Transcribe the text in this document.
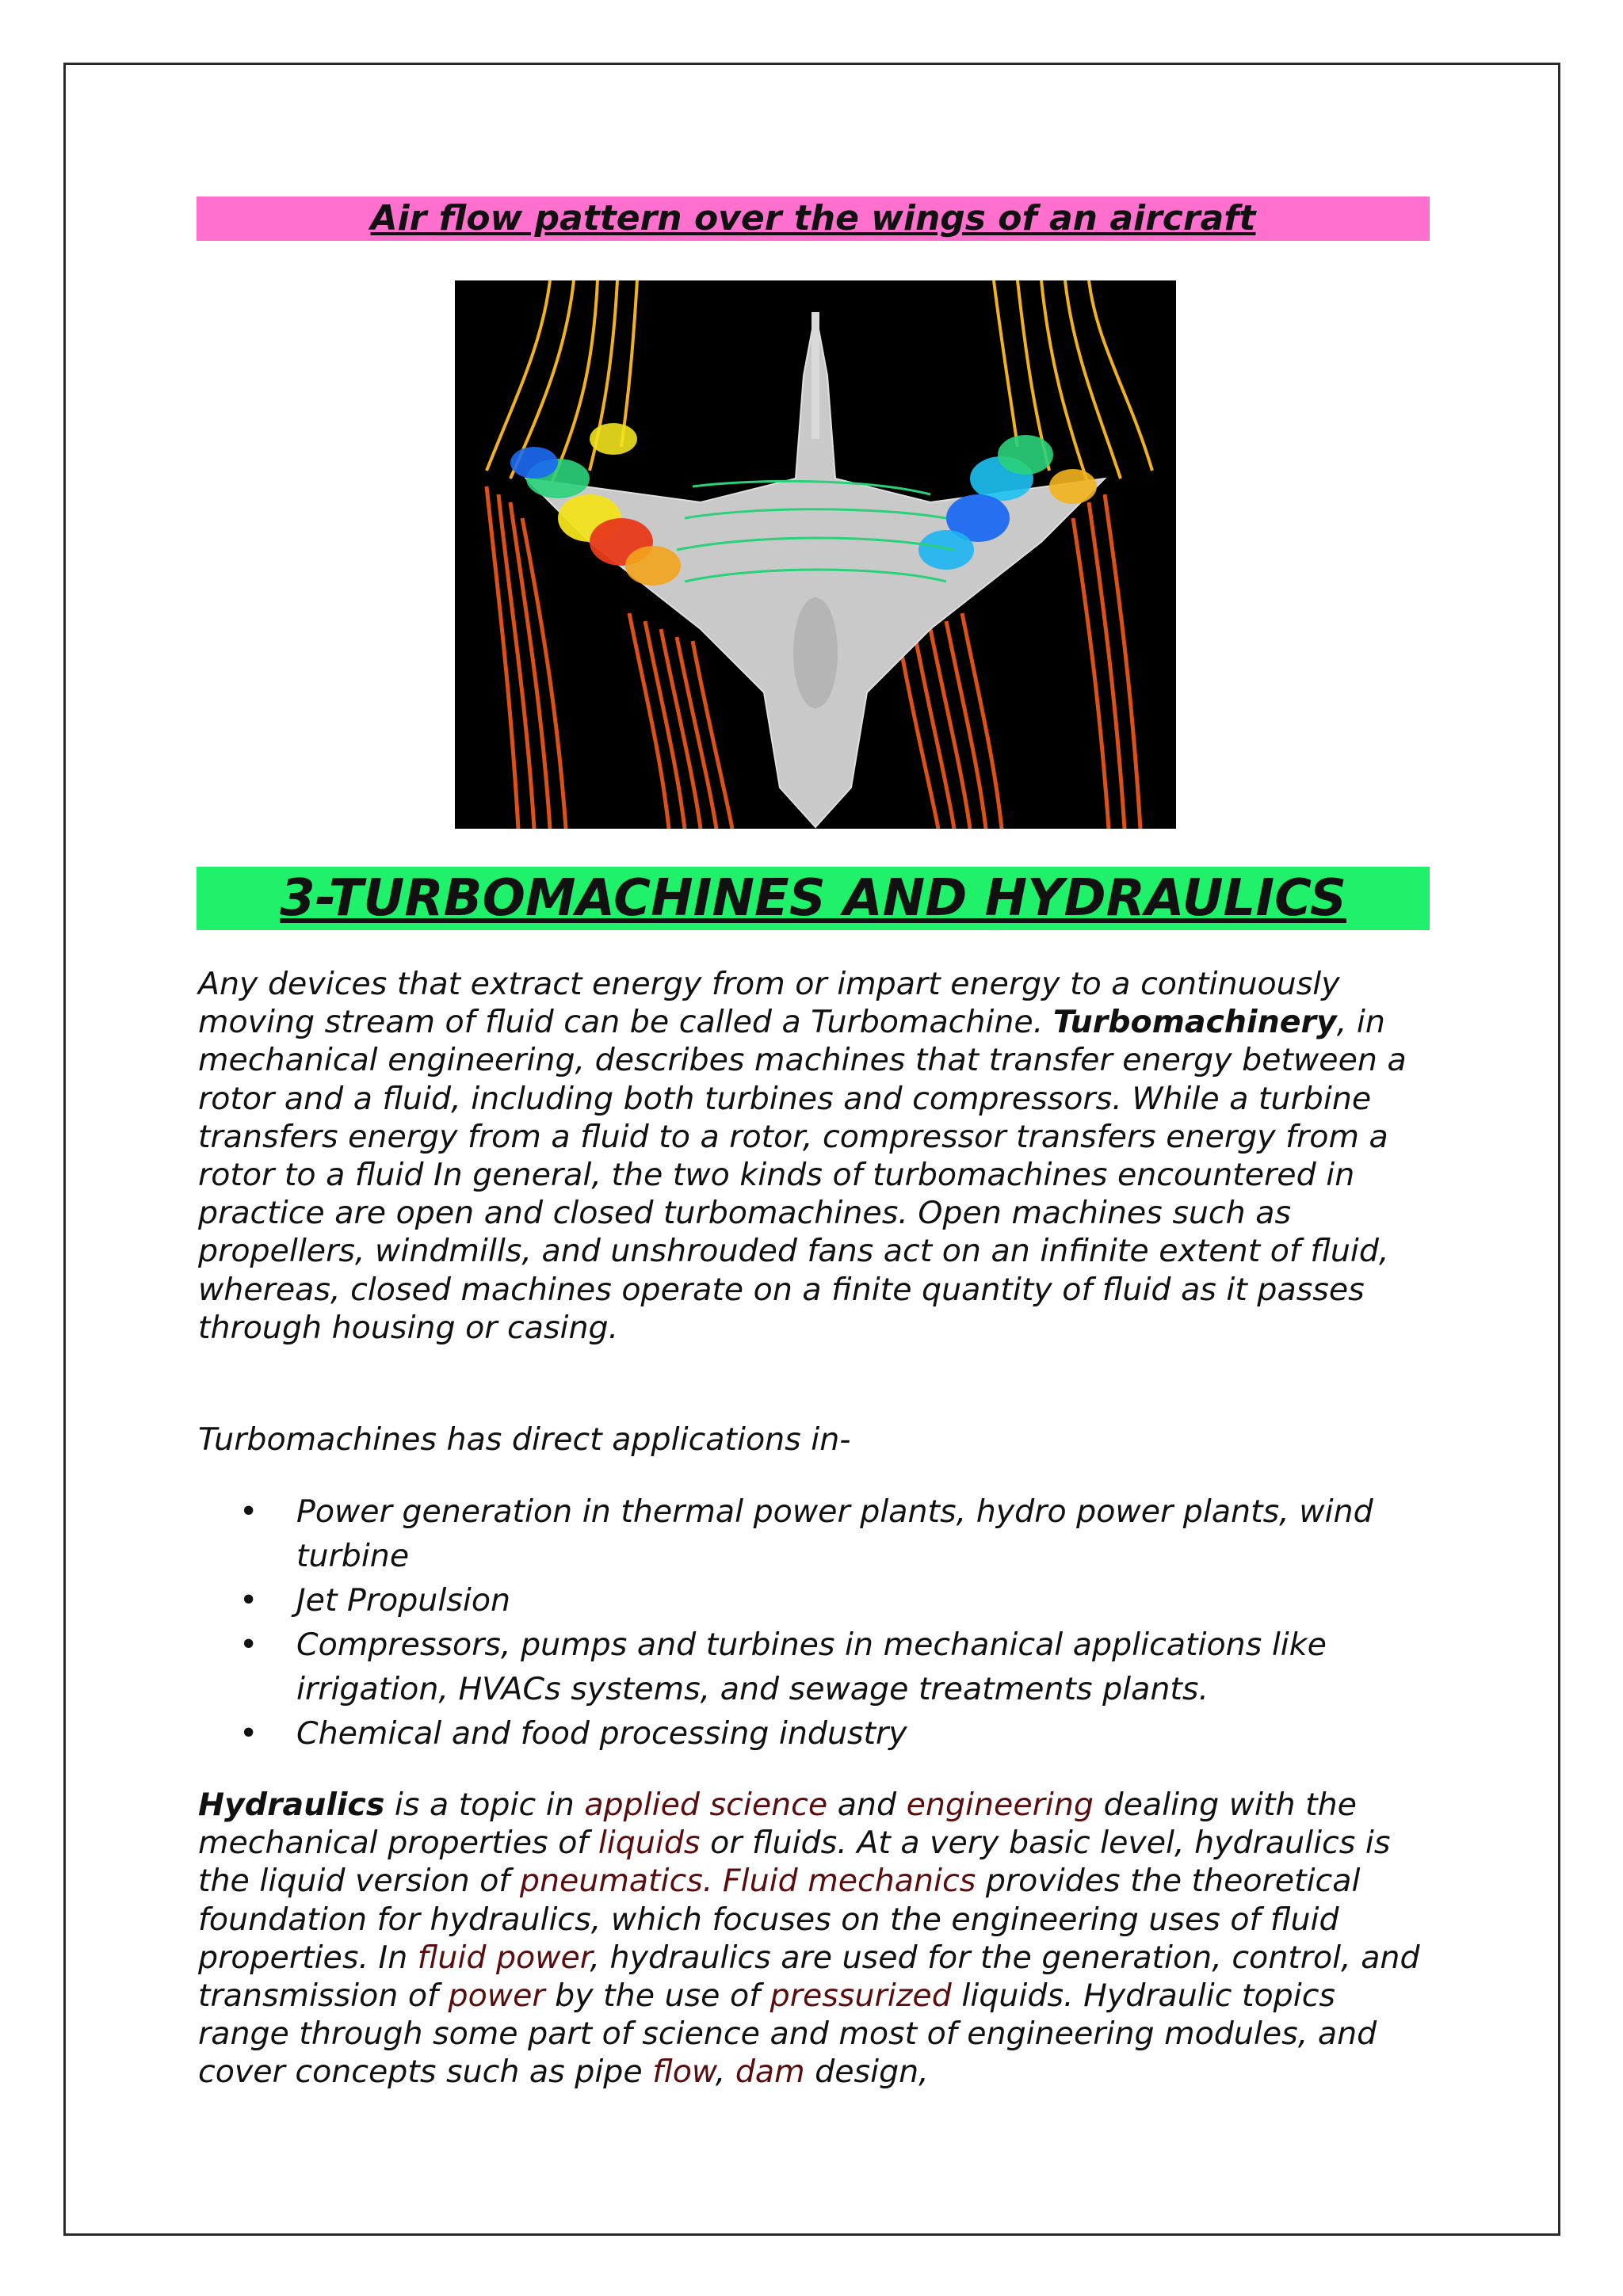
Air flow pattern over the wings of an aircraft
3-TURBOMACHINES AND HYDRAULICS
Any devices that extract energy from or impart energy to a continuously moving stream of fluid can be called a Turbomachine. Turbomachinery, in mechanical engineering, describes machines that transfer energy between a rotor and a fluid, including both turbines and compressors. While a turbine transfers energy from a fluid to a rotor, compressor transfers energy from a rotor to a fluid In general, the two kinds of turbomachines encountered in practice are open and closed turbomachines. Open machines such as propellers, windmills, and unshrouded fans act on an infinite extent of fluid, whereas, closed machines operate on a finite quantity of fluid as it passes through housing or casing.
Turbomachines has direct applications in-
• Power generation in thermal power plants, hydro power plants, wind turbine
• Jet Propulsion
• Compressors, pumps and turbines in mechanical applications like irrigation, HVACs systems, and sewage treatments plants.
• Chemical and food processing industry
Hydraulics is a topic in applied science and engineering dealing with the mechanical properties of liquids or fluids. At a very basic level, hydraulics is the liquid version of pneumatics. Fluid mechanics provides the theoretical foundation for hydraulics, which focuses on the engineering uses of fluid properties. In fluid power, hydraulics are used for the generation, control, and transmission of power by the use of pressurized liquids. Hydraulic topics range through some part of science and most of engineering modules, and cover concepts such as pipe flow, dam design,
